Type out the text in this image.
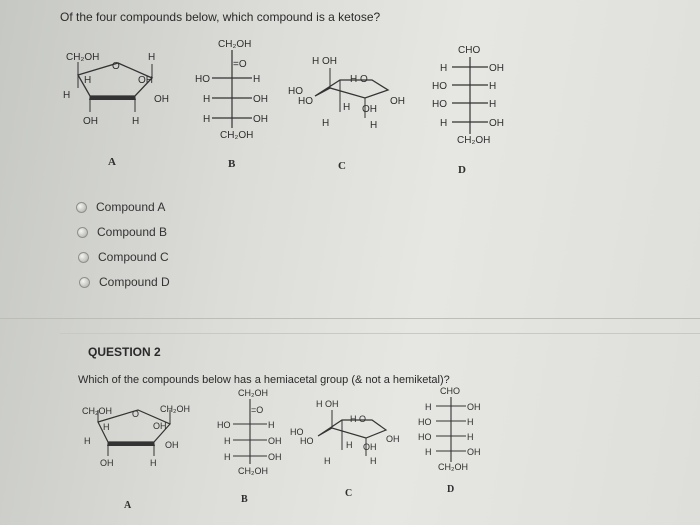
Of the four compounds below, which compound is a ketose?
CH₂OH
O
H
H	OH
H	OH
OH	H
CH₂OH
=O
HO	H
H	OH
H	OH
CH₂OH
H OH
H O
HO
HO
H OH
OH
H	H
CHO
H	OH
HO	H
HO	H
H	OH
CH₂OH
A	B	C	D
Compound A
Compound B
Compound C
Compound D
QUESTION 2
Which of the compounds below has a hemiacetal group (& not a hemiketal)?
CH₂OH O CH₂OH
H	OH
H	OH
OH	H
CH₂OH
=O
HO	H
H	OH
H	OH
CH₂OH
H OH
H O
HO
HO	H OH
OH
H	H
CHO
H	OH
HO	H
HO	H
H	OH
CH₂OH
A
B
C	D
